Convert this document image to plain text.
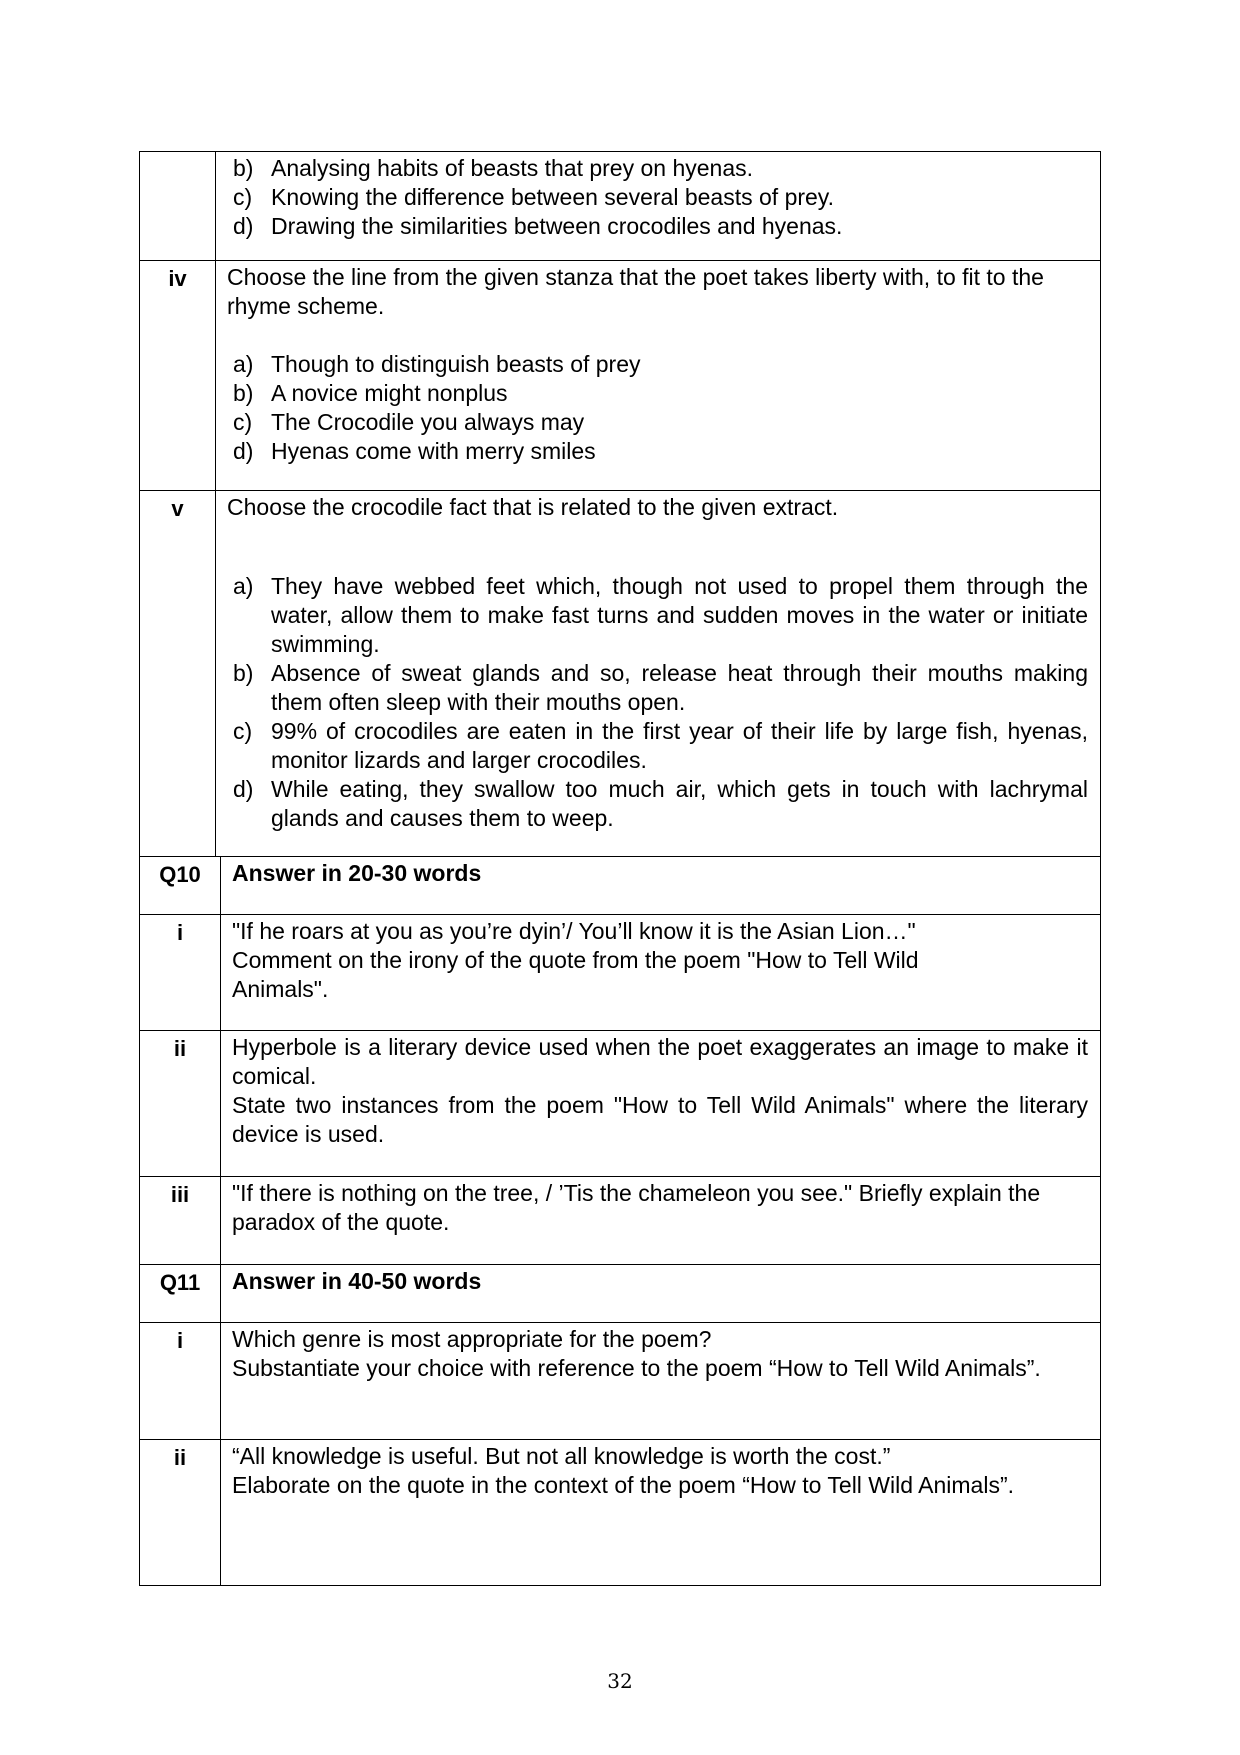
b) Analysing habits of beasts that prey on hyenas.
c) Knowing the difference between several beasts of prey.
d) Drawing the similarities between crocodiles and hyenas.
iv	Choose the line from the given stanza that the poet takes liberty with, to fit to the rhyme scheme.

a) Though to distinguish beasts of prey
b) A novice might nonplus
c) The Crocodile you always may
d) Hyenas come with merry smiles
v	Choose the crocodile fact that is related to the given extract.

a) They have webbed feet which, though not used to propel them through the water, allow them to make fast turns and sudden moves in the water or initiate swimming.
b) Absence of sweat glands and so, release heat through their mouths making them often sleep with their mouths open.
c) 99% of crocodiles are eaten in the first year of their life by large fish, hyenas, monitor lizards and larger crocodiles.
d) While eating, they swallow too much air, which gets in touch with lachrymal glands and causes them to weep.
Q10	Answer in 20-30 words
i	"If he roars at you as you’re dyin’/ You’ll know it is the Asian Lion…"

Comment on the irony of the quote from the poem "How to Tell Wild Animals".

ii	Hyperbole is a literary device used when the poet exaggerates an image to make it comical.

State two instances from the poem "How to Tell Wild Animals" where the literary device is used.

iii	"If there is nothing on the tree, / ’Tis the chameleon you see." Briefly explain the paradox of the quote.

Q11	Answer in 40-50 words
i	Which genre is most appropriate for the poem?

Substantiate your choice with reference to the poem “How to Tell Wild Animals”.

ii	“All knowledge is useful. But not all knowledge is worth the cost.”

Elaborate on the quote in the context of the poem “How to Tell Wild Animals”.

32
